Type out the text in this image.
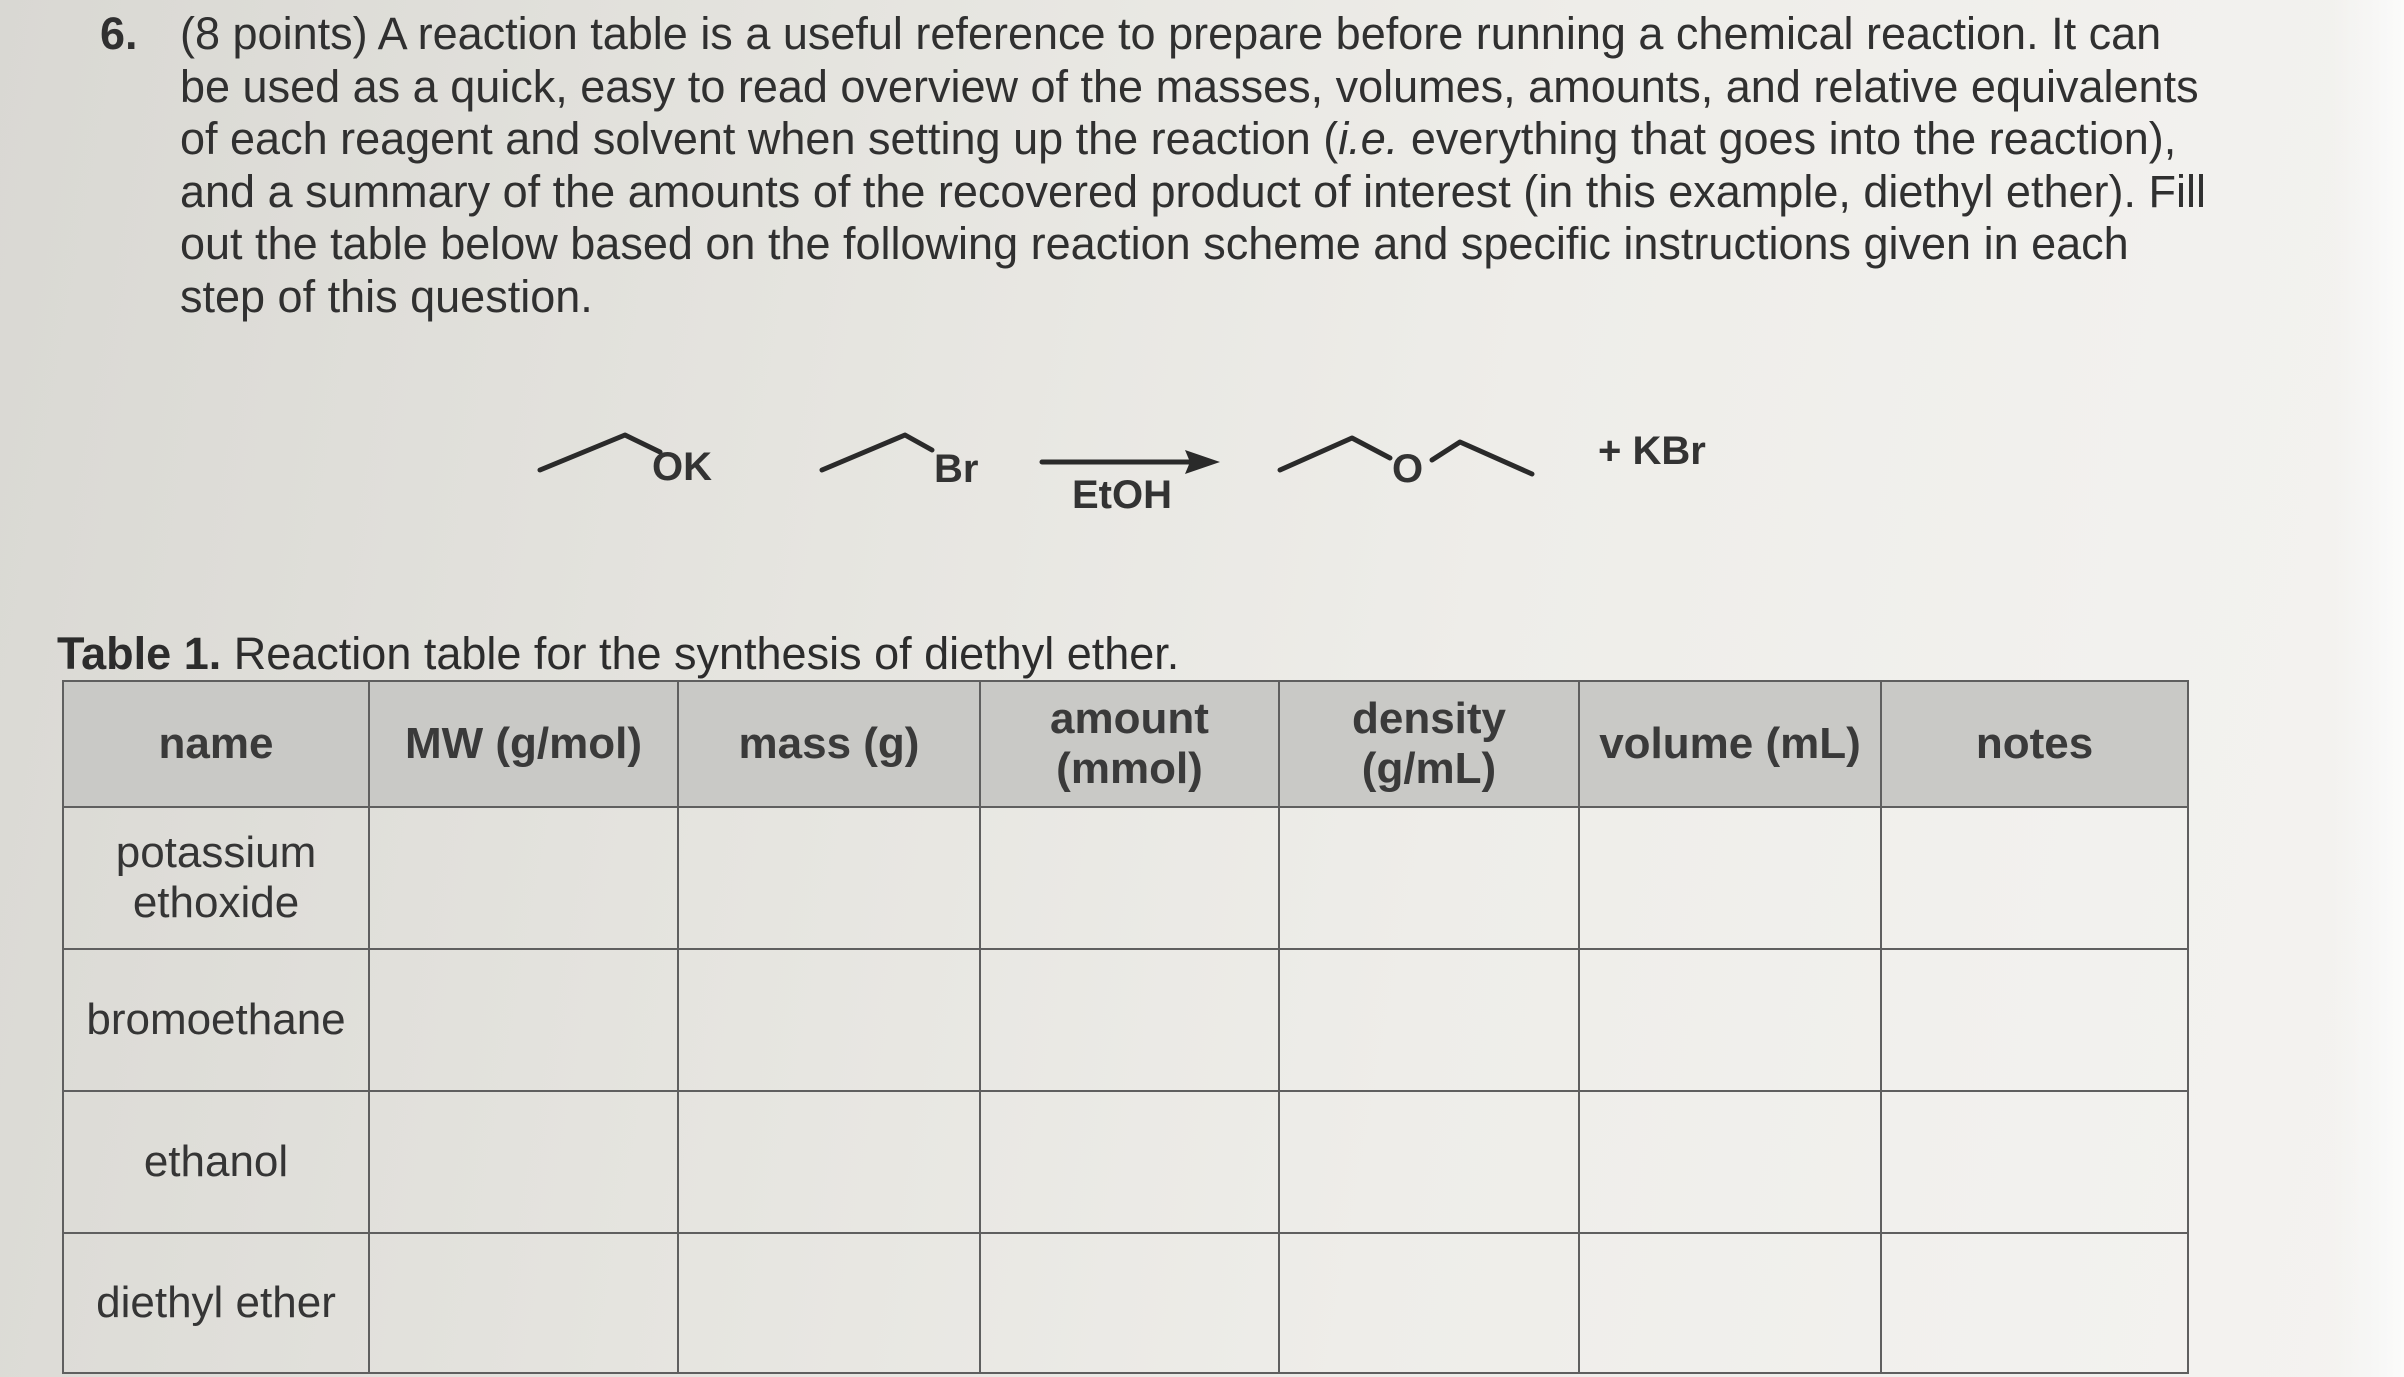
6. (8 points) A reaction table is a useful reference to prepare before running a chemical reaction. It can be used as a quick, easy to read overview of the masses, volumes, amounts, and relative equivalents of each reagent and solvent when setting up the reaction (i.e. everything that goes into the reaction), and a summary of the amounts of the recovered product of interest (in this example, diethyl ether). Fill out the table below based on the following reaction scheme and specific instructions given in each step of this question.
OK	Br
EtOH
O	+ KBr
Table 1. Reaction table for the synthesis of diethyl ether.
name	MW (g/mol)	mass (g)	amount (mmol)	density (g/mL)	volume (mL)	notes
potassium ethoxide						
bromoethane						
ethanol						
diethyl ether						
